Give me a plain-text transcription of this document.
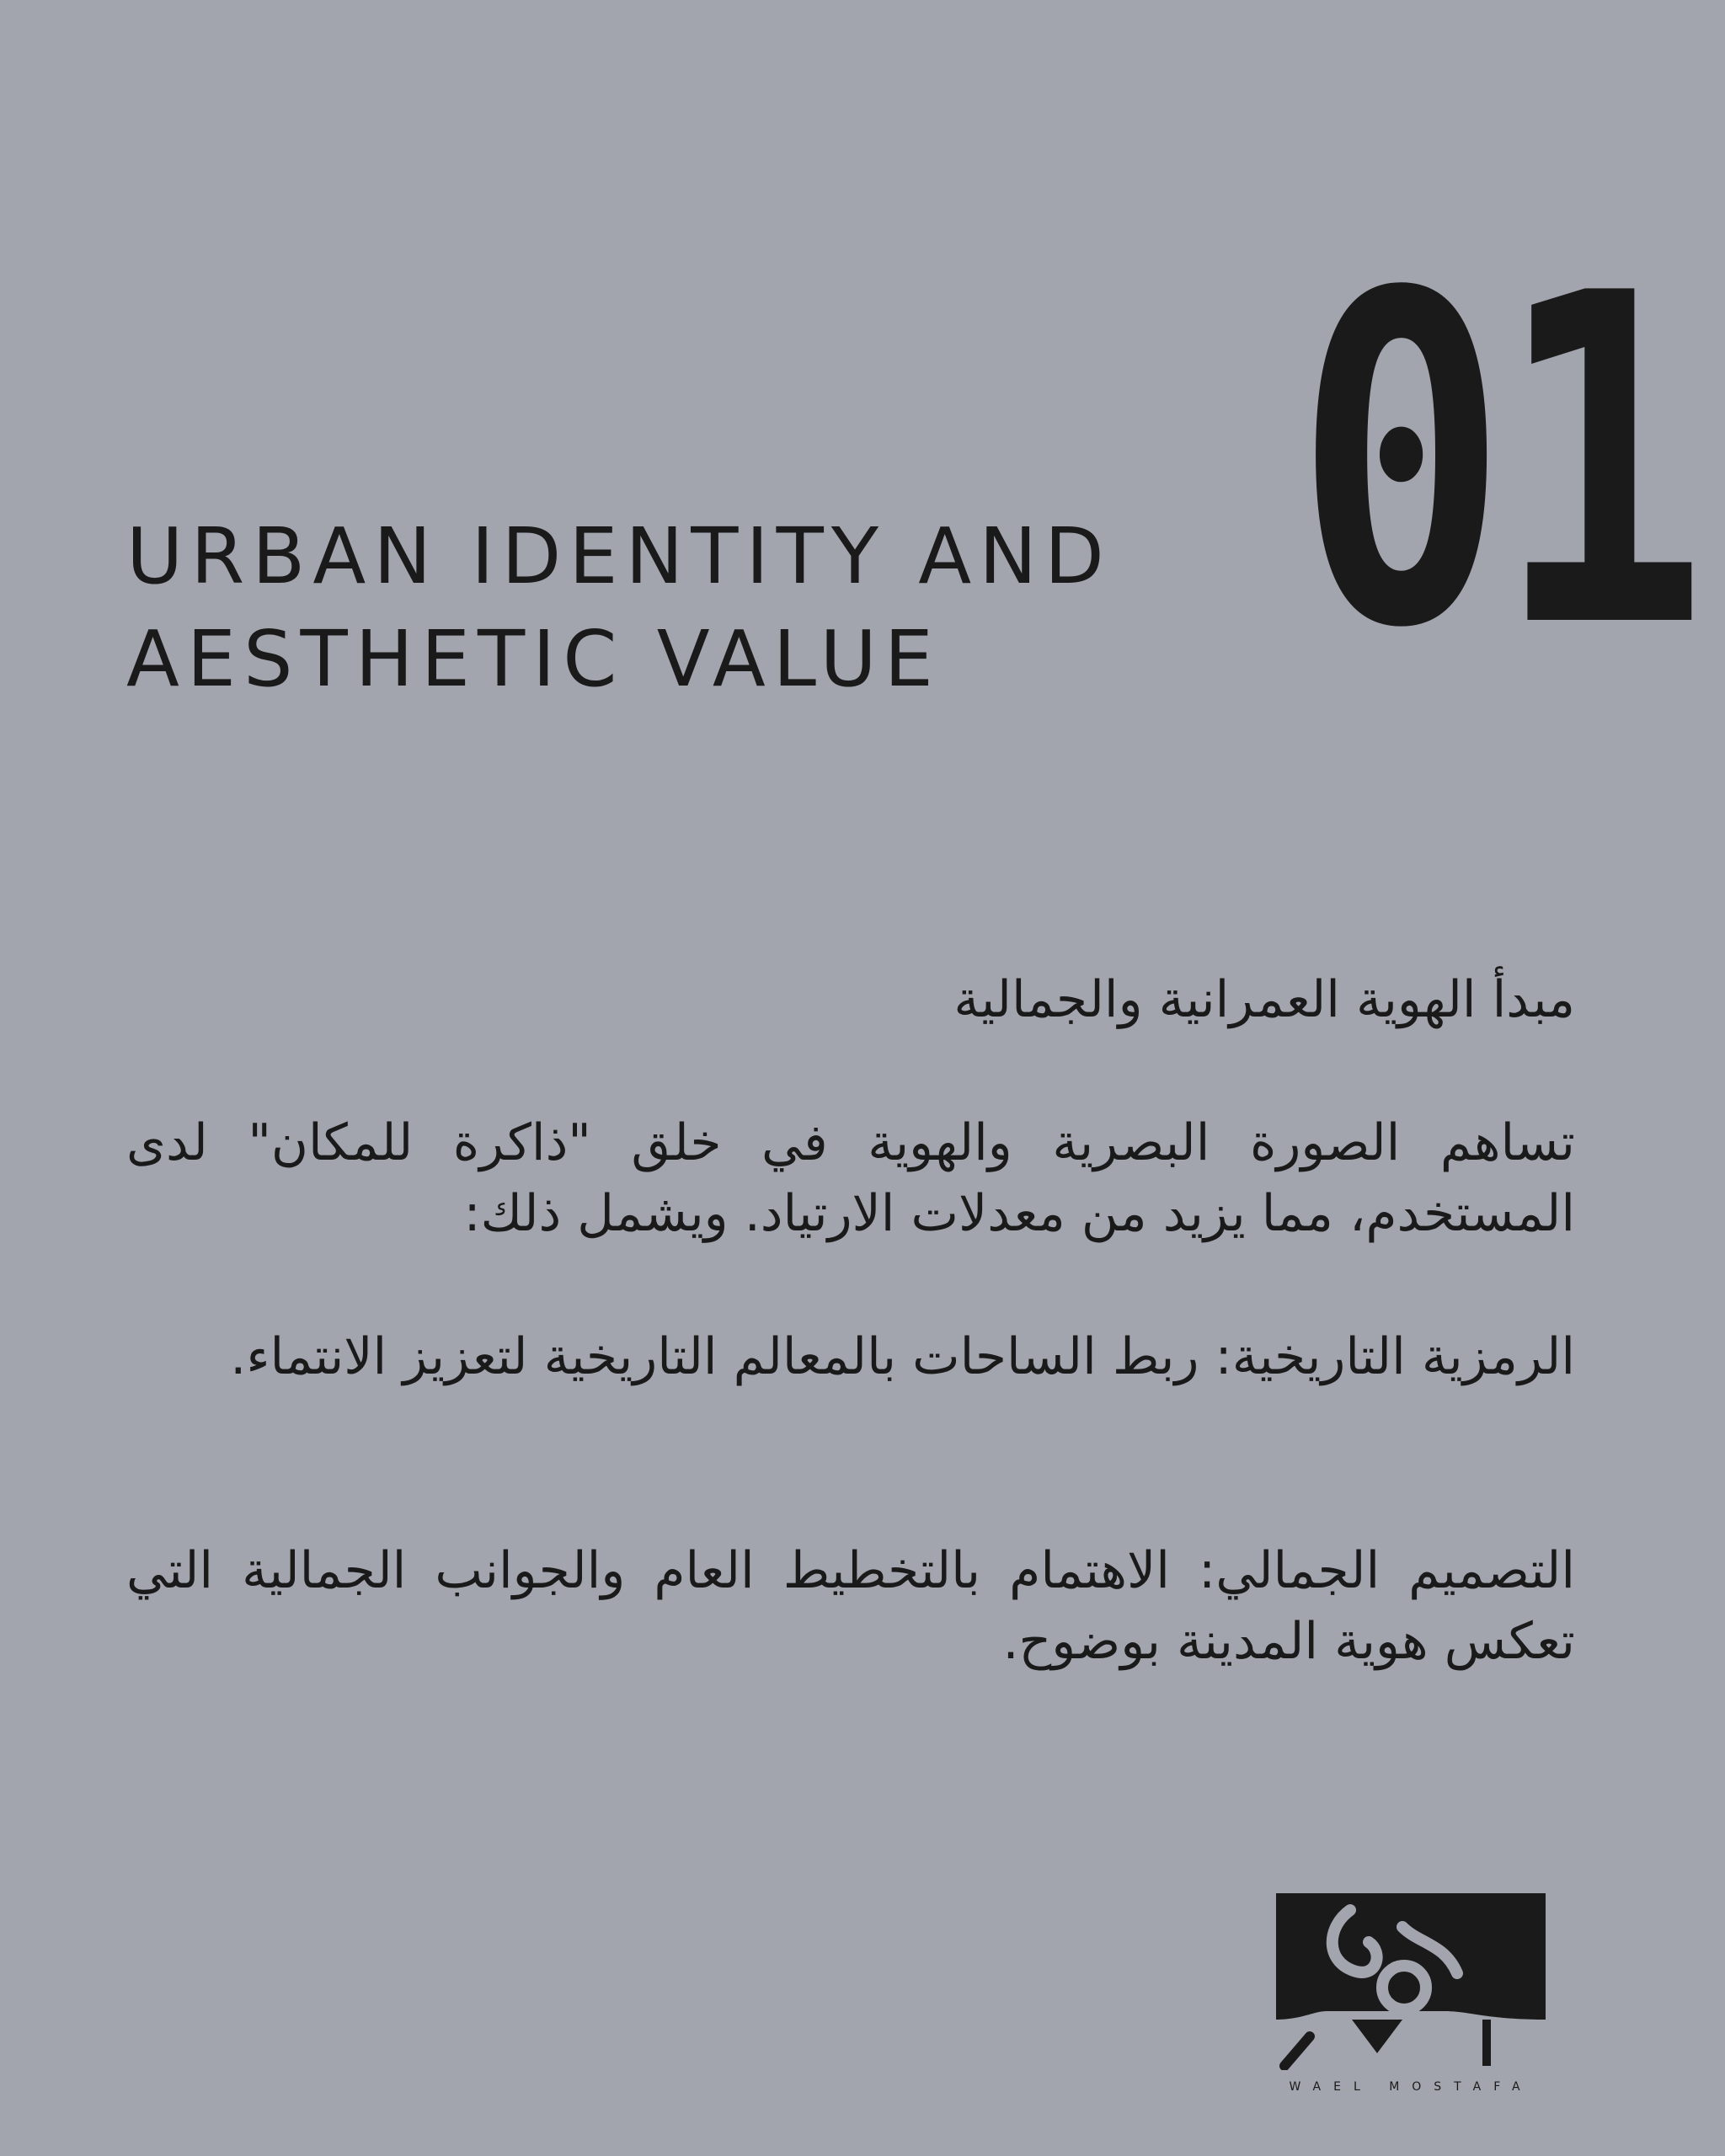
01
URBAN IDENTITY AND
AESTHETIC VALUE

مبدأ الهوية العمرانية والجمالية

تساهم الصورة البصرية والهوية في خلق "ذاكرة للمكان" لدى المستخدم، مما يزيد من معدلات الارتياد. ويشمل ذلك:

الرمزية التاريخية: ربط الساحات بالمعالم التاريخية لتعزيز الانتماء.

التصميم الجمالي: الاهتمام بالتخطيط العام والجوانب الجمالية التي تعكس هوية المدينة بوضوح.

WAEL MOSTAFA
